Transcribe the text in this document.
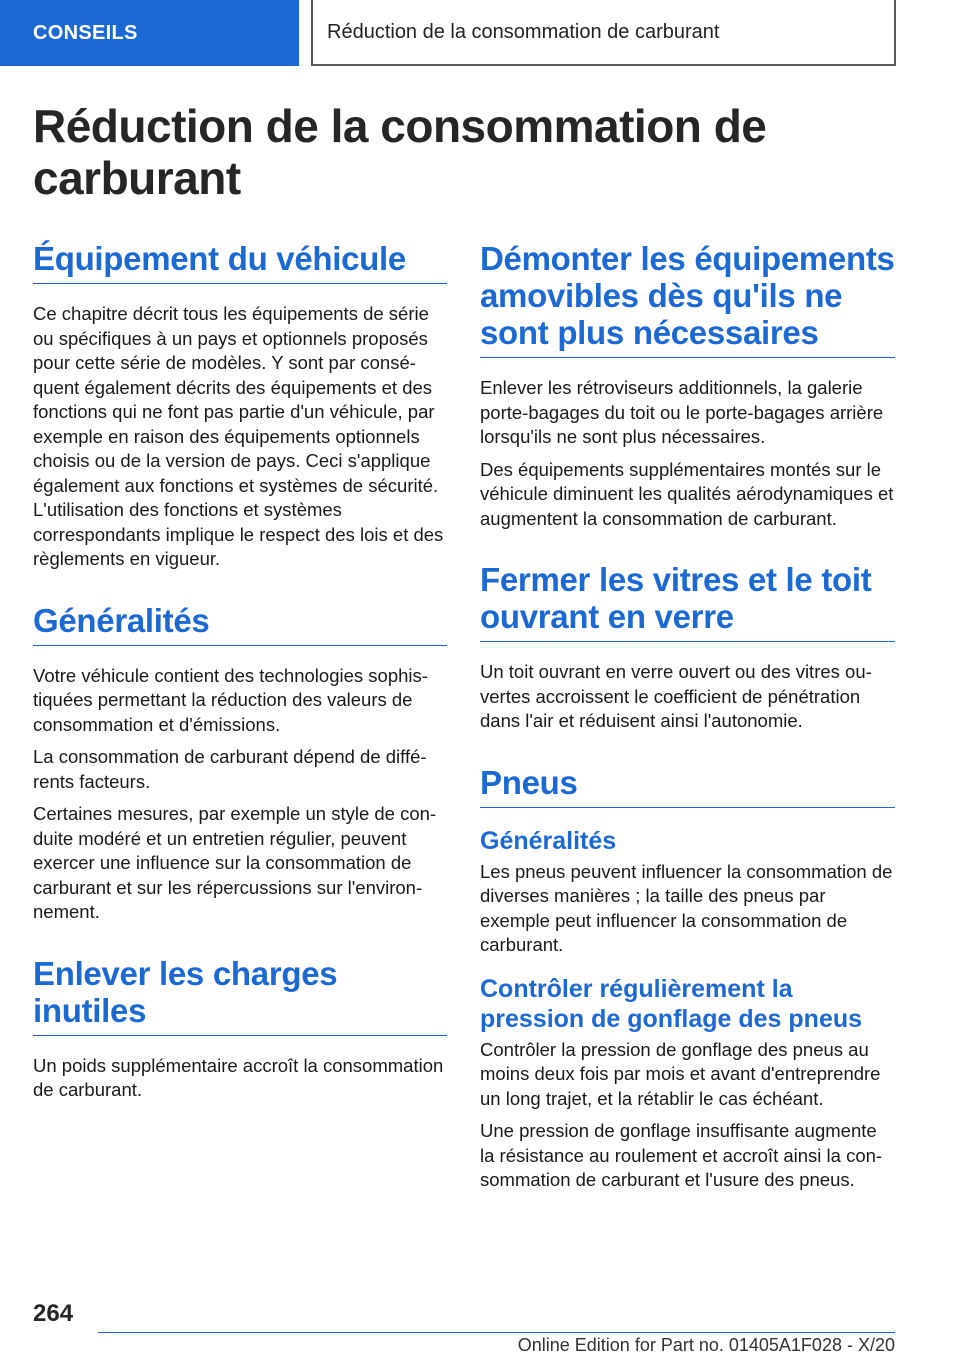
CONSEILS	Réduction de la consommation de carburant
Réduction de la consommation de carburant
Équipement du véhicule

Ce chapitre décrit tous les équipements de série ou spécifiques à un pays et optionnels proposés pour cette série de modèles. Y sont par conséquent également décrits des équipements et des fonctions qui ne font pas partie d'un véhicule, par exemple en raison des équipements optionnels choisis ou de la version de pays. Ceci s'applique également aux fonctions et systèmes de sécurité. L'utilisation des fonctions et systèmes correspondants implique le respect des lois et des règlements en vigueur.

Généralités

Votre véhicule contient des technologies sophistiquées permettant la réduction des valeurs de consommation et d'émissions.

La consommation de carburant dépend de différents facteurs.

Certaines mesures, par exemple un style de conduite modéré et un entretien régulier, peuvent exercer une influence sur la consommation de carburant et sur les répercussions sur l'environnement.

Enlever les charges inutiles

Un poids supplémentaire accroît la consommation de carburant.

Démonter les équipements amovibles dès qu'ils ne sont plus nécessaires

Enlever les rétroviseurs additionnels, la galerie porte-bagages du toit ou le porte-bagages arrière lorsqu'ils ne sont plus nécessaires.

Des équipements supplémentaires montés sur le véhicule diminuent les qualités aérodynamiques et augmentent la consommation de carburant.

Fermer les vitres et le toit ouvrant en verre

Un toit ouvrant en verre ouvert ou des vitres ouvertes accroissent le coefficient de pénétration dans l'air et réduisent ainsi l'autonomie.

Pneus
Généralités

Les pneus peuvent influencer la consommation de diverses manières ; la taille des pneus par exemple peut influencer la consommation de carburant.

Contrôler régulièrement la pression de gonflage des pneus

Contrôler la pression de gonflage des pneus au moins deux fois par mois et avant d'entreprendre un long trajet, et la rétablir le cas échéant.

Une pression de gonflage insuffisante augmente la résistance au roulement et accroît ainsi la consommation de carburant et l'usure des pneus.

264
Online Edition for Part no. 01405A1F028 - X/20
